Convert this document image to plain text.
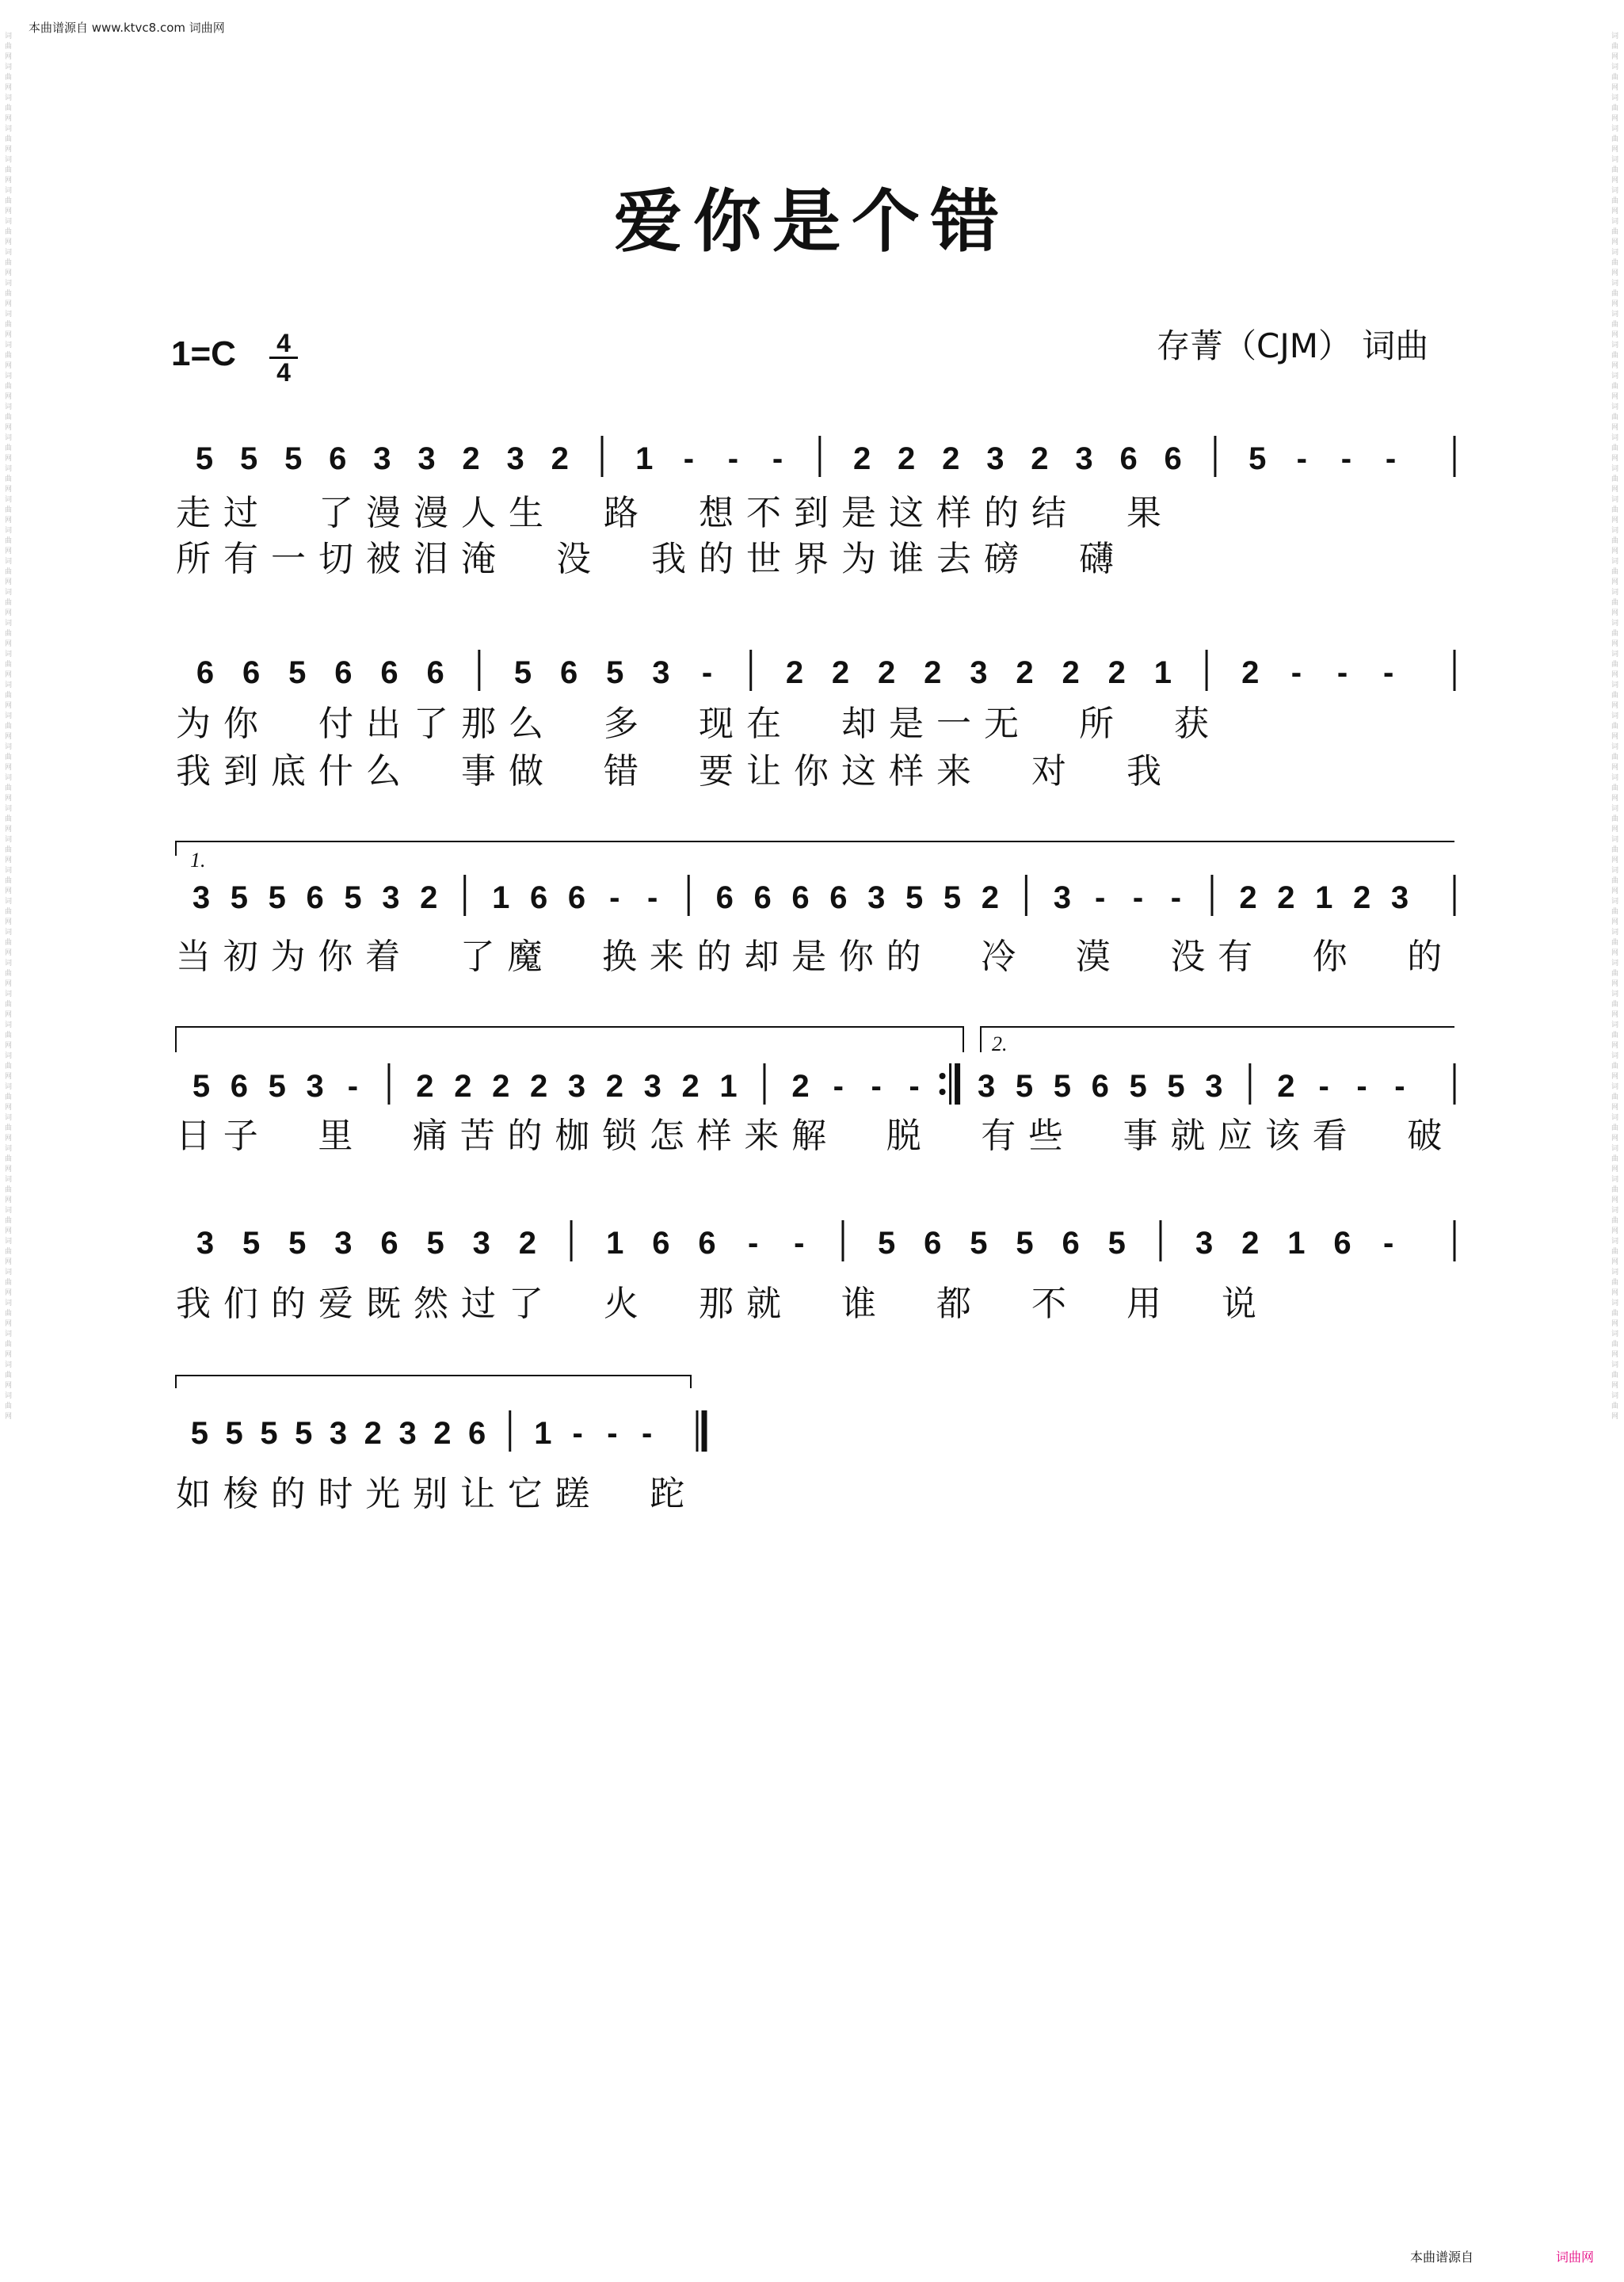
本曲谱源自 www.ktvc8.com 词曲网
词曲网词曲网词曲网词曲网词曲网词曲网词曲网词曲网词曲网词曲网词曲网词曲网词曲网词曲网词曲网词曲网词曲网词曲网词曲网词曲网词曲网词曲网词曲网词曲网词曲网词曲网词曲网词曲网词曲网词曲网词曲网词曲网词曲网词曲网词曲网词曲网词曲网词曲网词曲网词曲网词曲网词曲网词曲网词曲网词曲网
词曲网词曲网词曲网词曲网词曲网词曲网词曲网词曲网词曲网词曲网词曲网词曲网词曲网词曲网词曲网词曲网词曲网词曲网词曲网词曲网词曲网词曲网词曲网词曲网词曲网词曲网词曲网词曲网词曲网词曲网词曲网词曲网词曲网词曲网词曲网词曲网词曲网词曲网词曲网词曲网词曲网词曲网词曲网词曲网词曲网
爱你是个错
1=C 4
4
存菁（CJM） 词曲
5 5 5 6 3 3 2 3 2 1 - - - 2 2 2 3 2 3 6 6 5 - - -
走 过 了 漫 漫 人 生 路 想 不 到 是 这 样 的 结 果
所 有 一 切 被 泪 淹 没 我 的 世 界 为 谁 去 磅 礴
6 6 5 6 6 6 5 6 5 3 - 2 2 2 2 3 2 2 2 1 2 - - -
为 你 付 出 了 那 么 多 现 在 却 是 一 无 所 获
我 到 底 什 么 事 做 错 要 让 你 这 样 来 对 我
3 5 5 6 5 3 2 1 6 6 - - 6 6 6 6 3 5 5 2 3 - - - 2 2 1 2 3
当 初 为 你 着 了 魔 换 来 的 却 是 你 的 冷 漠 没 有 你 的
5 6 5 3 - 2 2 2 2 3 2 3 2 1 2 - - - 3 5 5 6 5 5 3 2 - - -
日 子 里 痛 苦 的 枷 锁 怎 样 来 解 脱 有 些 事 就 应 该 看 破
3 5 5 3 6 5 3 2 1 6 6 - - 5 6 5 5 6 5 3 2 1 6 -
我 们 的 爱 既 然 过 了 火 那 就 谁 都 不 用 说
5 5 5 5 3 2 3 2 6 1 - - -
如 梭 的 时 光 别 让 它 蹉 跎
1.
2.
本曲谱源自	词曲网
